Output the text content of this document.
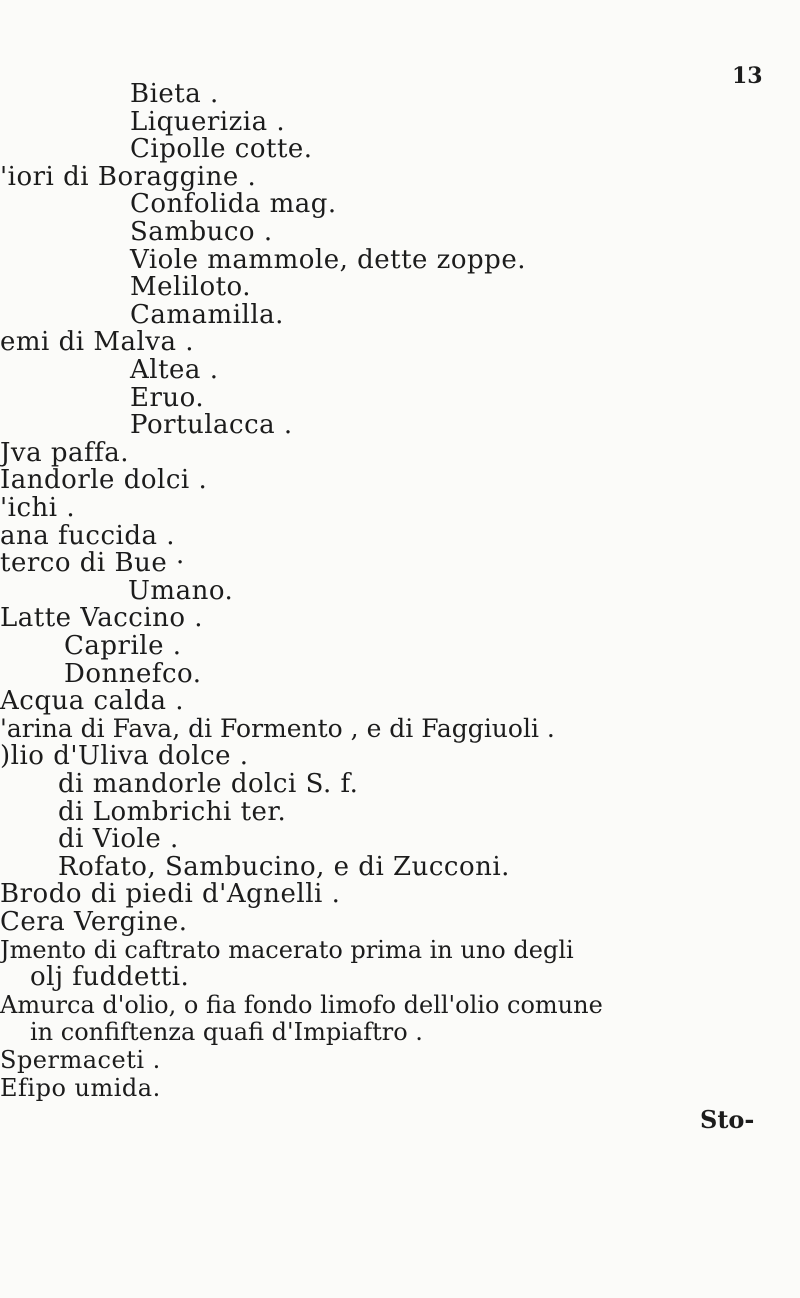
13
Bieta .
Liquerizia .
Cipolle cotte.
'iori di Boraggine .
Confolida mag.
Sambuco .
Viole mammole, dette zoppe.
Meliloto.
Camamilla.
emi di Malva .
Altea .
Eruo.
Portulacca .
Jva paffa.
Iandorle dolci .
'ichi .
ana fuccida .
terco di Bue ·
Umano.
Latte Vaccino .
Caprile .
Donnefco.
Acqua calda .
'arina di Fava, di Formento , e di Faggiuoli .
)lio d'Uliva dolce .
di mandorle dolci S. f.
di Lombrichi ter.
di Viole .
Rofato, Sambucino, e di Zucconi.
Brodo di piedi d'Agnelli .
Cera Vergine.
Jmento di caftrato macerato prima in uno degli
olj fuddetti.
Amurca d'olio, o fia fondo limofo dell'olio comune
in confiftenza quafi d'Impiaftro .
Spermaceti .
Efipo umida.
Sto-
